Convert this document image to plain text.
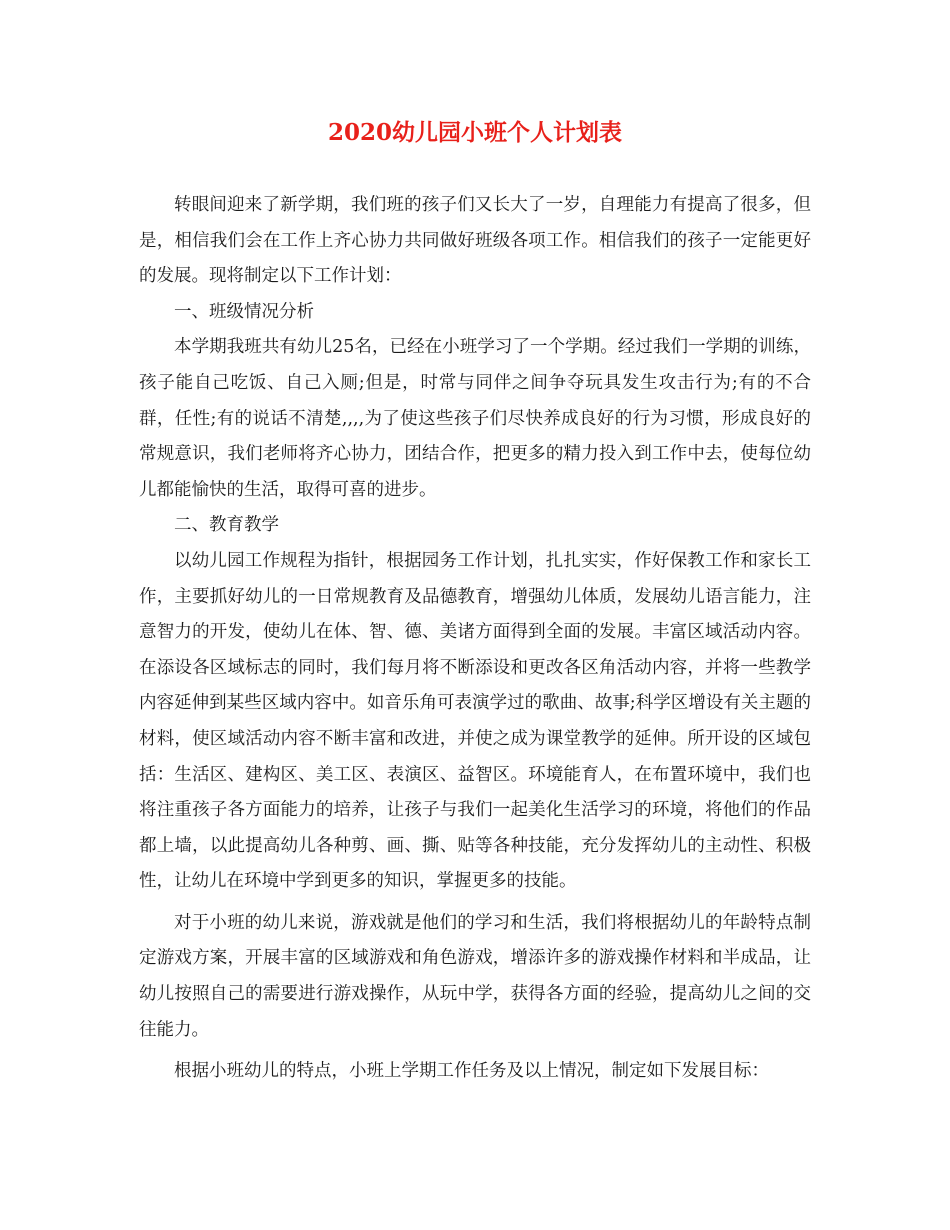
2020幼儿园小班个人计划表

转眼间迎来了新学期，我们班的孩子们又长大了一岁，自理能力有提高了很多，但是，相信我们会在工作上齐心协力共同做好班级各项工作。相信我们的孩子一定能更好的发展。现将制定以下工作计划：

一、班级情况分析

本学期我班共有幼儿25名，已经在小班学习了一个学期。经过我们一学期的训练，孩子能自己吃饭、自己入厕;但是，时常与同伴之间争夺玩具发生攻击行为;有的不合群，任性;有的说话不清楚,,,,为了使这些孩子们尽快养成良好的行为习惯，形成良好的常规意识，我们老师将齐心协力，团结合作，把更多的精力投入到工作中去，使每位幼儿都能愉快的生活，取得可喜的进步。

二、教育教学

以幼儿园工作规程为指针，根据园务工作计划，扎扎实实，作好保教工作和家长工作，主要抓好幼儿的一日常规教育及品德教育，增强幼儿体质，发展幼儿语言能力，注意智力的开发，使幼儿在体、智、德、美诸方面得到全面的发展。丰富区域活动内容。在添设各区域标志的同时，我们每月将不断添设和更改各区角活动内容，并将一些教学内容延伸到某些区域内容中。如音乐角可表演学过的歌曲、故事;科学区增设有关主题的材料，使区域活动内容不断丰富和改进，并使之成为课堂教学的延伸。所开设的区域包括：生活区、建构区、美工区、表演区、益智区。环境能育人，在布置环境中，我们也将注重孩子各方面能力的培养，让孩子与我们一起美化生活学习的环境，将他们的作品都上墙，以此提高幼儿各种剪、画、撕、贴等各种技能，充分发挥幼儿的主动性、积极性，让幼儿在环境中学到更多的知识，掌握更多的技能。

对于小班的幼儿来说，游戏就是他们的学习和生活，我们将根据幼儿的年龄特点制定游戏方案，开展丰富的区域游戏和角色游戏，增添许多的游戏操作材料和半成品，让幼儿按照自己的需要进行游戏操作，从玩中学，获得各方面的经验，提高幼儿之间的交往能力。

根据小班幼儿的特点，小班上学期工作任务及以上情况，制定如下发展目标：
